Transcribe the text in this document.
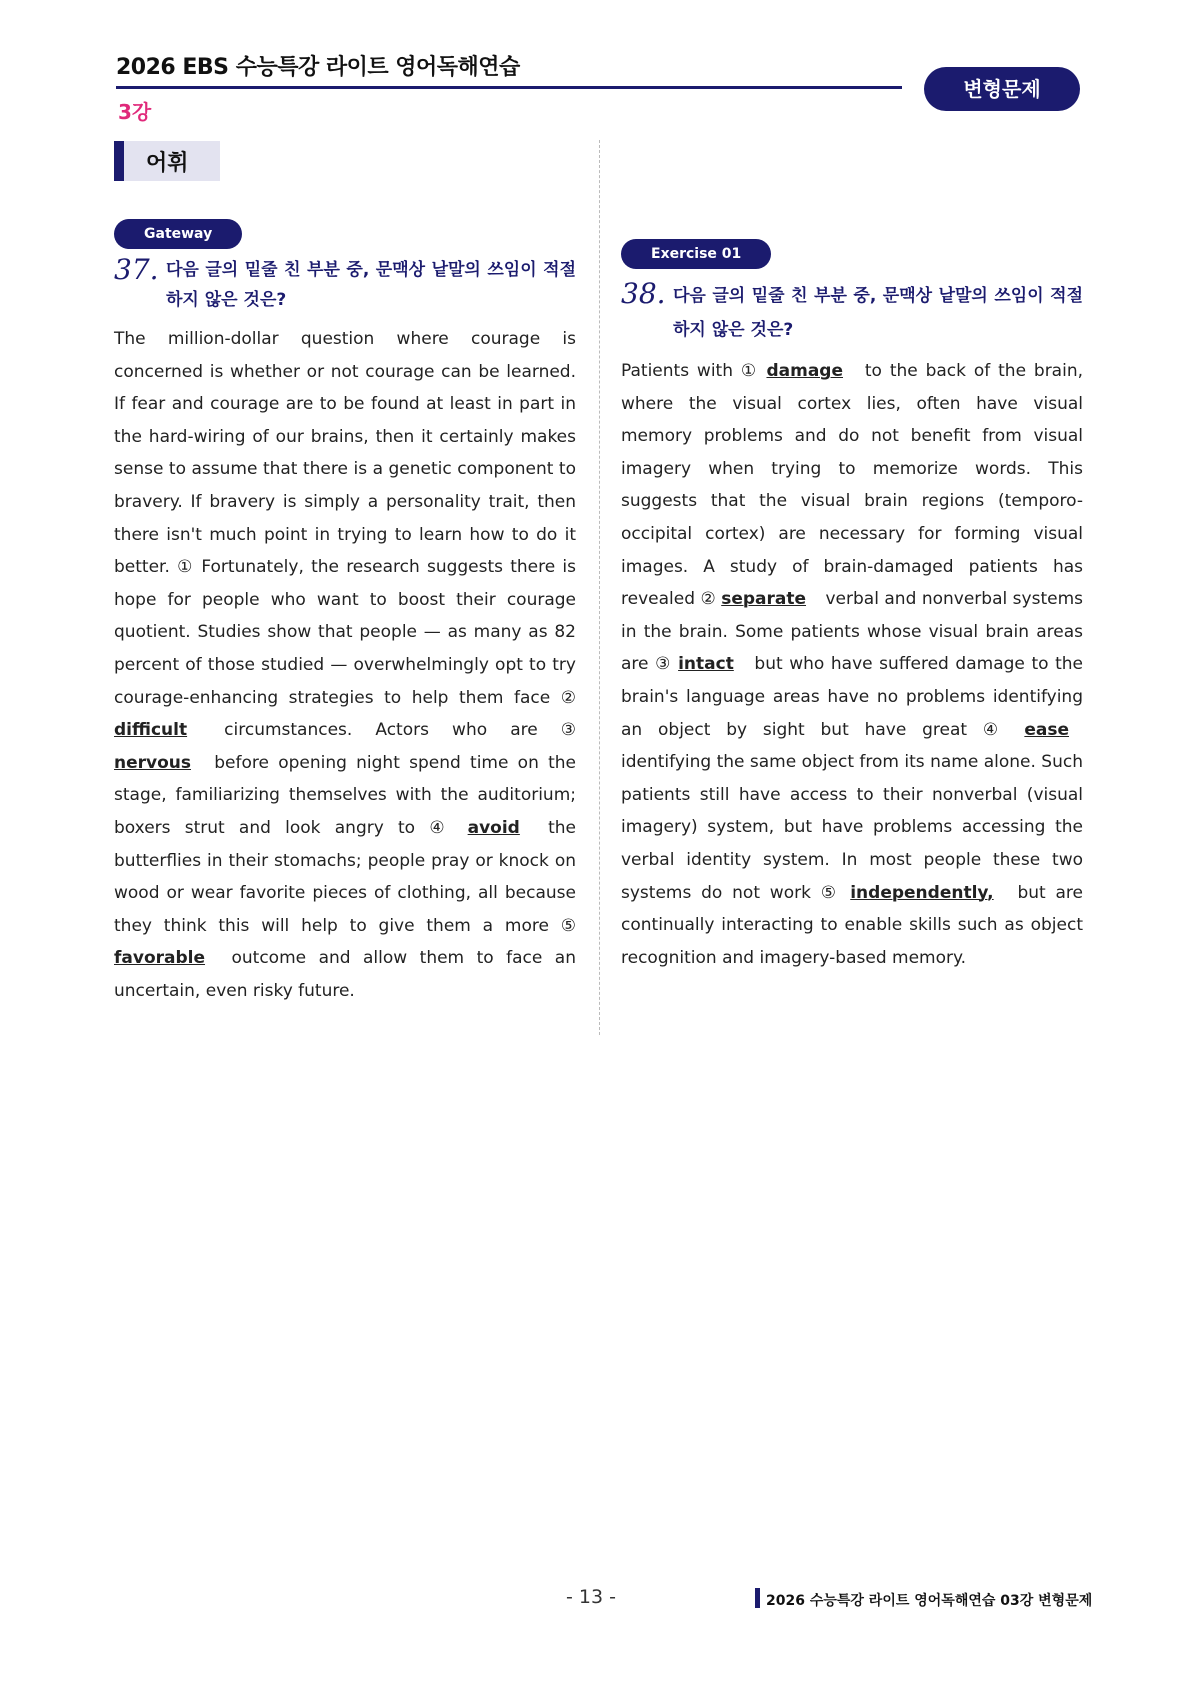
2026 EBS 수능특강 라이트 영어독해연습
3강
변형문제
어휘
Gateway
37. 다음 글의 밑줄 친 부분 중, 문맥상 낱말의 쓰임이 적절하지 않은 것은?
The million-dollar question where courage is concerned is whether or not courage can be learned. If fear and courage are to be found at least in part in the hard-wiring of our brains, then it certainly makes sense to assume that there is a genetic component to bravery. If bravery is simply a personality trait, then there isn't much point in trying to learn how to do it better. ① Fortunately, the research suggests there is hope for people who want to boost their courage quotient. Studies show that people — as many as 82 percent of those studied — overwhelmingly opt to try courage-enhancing strategies to help them face ② difficult circumstances. Actors who are ③ nervous before opening night spend time on the stage, familiarizing themselves with the auditorium; boxers strut and look angry to ④ avoid the butterflies in their stomachs; people pray or knock on wood or wear favorite pieces of clothing, all because they think this will help to give them a more ⑤ favorable outcome and allow them to face an uncertain, even risky future.
Exercise 01
38. 다음 글의 밑줄 친 부분 중, 문맥상 낱말의 쓰임이 적절하지 않은 것은?
Patients with ① damage to the back of the brain, where the visual cortex lies, often have visual memory problems and do not benefit from visual imagery when trying to memorize words. This suggests that the visual brain regions (temporo-occipital cortex) are necessary for forming visual images. A study of brain-damaged patients has revealed ② separate verbal and nonverbal systems in the brain. Some patients whose visual brain areas are ③ intact but who have suffered damage to the brain's language areas have no problems identifying an object by sight but have great ④ ease identifying the same object from its name alone. Such patients still have access to their nonverbal (visual imagery) system, but have problems accessing the verbal identity system. In most people these two systems do not work ⑤ independently, but are continually interacting to enable skills such as object recognition and imagery-based memory.
- 13 -	2026 수능특강 라이트 영어독해연습 03강 변형문제
